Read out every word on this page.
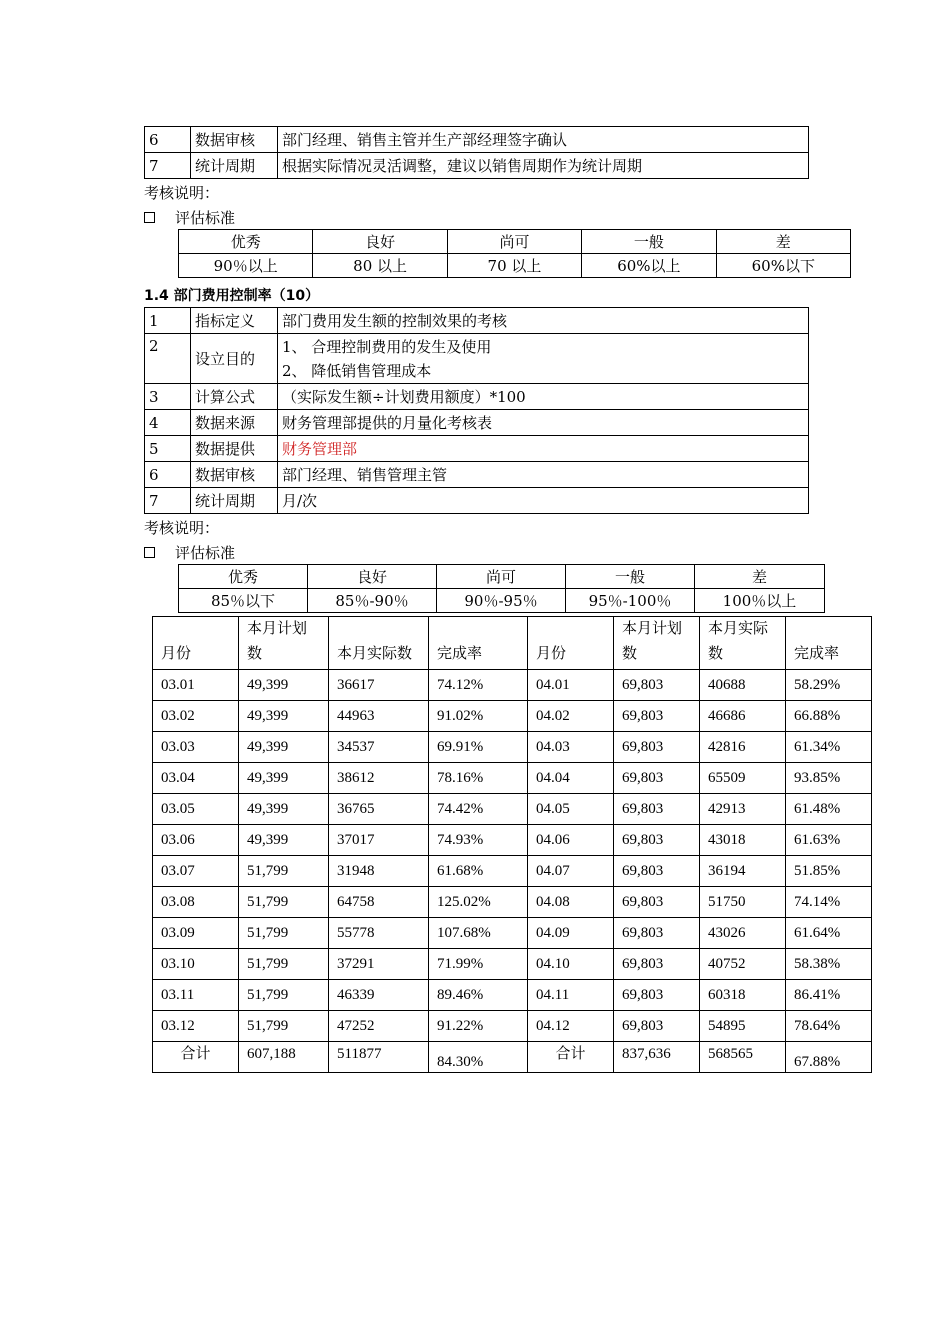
6	数据审核	部门经理、销售主管并生产部经理签字确认
7	统计周期	根据实际情况灵活调整，建议以销售周期作为统计周期
考核说明：
评估标准
优秀	良好	尚可	一般	差
90％以上	80 以上	70 以上	60%以上	60%以下
1.4 部门费用控制率（10）
1	指标定义	部门费用发生额的控制效果的考核
2	设立目的	1、 合理控制费用的发生及使用
2、 降低销售管理成本

3	计算公式	（实际发生额÷计划费用额度）*100
4	数据来源	财务管理部提供的月量化考核表
5	数据提供	财务管理部
6	数据审核	部门经理、销售管理主管
7	统计周期	月/次
考核说明：
评估标准
优秀	良好	尚可	一般	差
85％以下	85％-90％	90％-95％	95％-100％	100％以上
月份	本月计划数	本月实际数	完成率	月份	本月计划数	本月实际数	完成率
03.01	49,399	36617	74.12%	04.01	69,803	40688	58.29%
03.02	49,399	44963	91.02%	04.02	69,803	46686	66.88%
03.03	49,399	34537	69.91%	04.03	69,803	42816	61.34%
03.04	49,399	38612	78.16%	04.04	69,803	65509	93.85%
03.05	49,399	36765	74.42%	04.05	69,803	42913	61.48%
03.06	49,399	37017	74.93%	04.06	69,803	43018	61.63%
03.07	51,799	31948	61.68%	04.07	69,803	36194	51.85%
03.08	51,799	64758	125.02%	04.08	69,803	51750	74.14%
03.09	51,799	55778	107.68%	04.09	69,803	43026	61.64%
03.10	51,799	37291	71.99%	04.10	69,803	40752	58.38%
03.11	51,799	46339	89.46%	04.11	69,803	60318	86.41%
03.12	51,799	47252	91.22%	04.12	69,803	54895	78.64%
合计	607,188	511877	84.30%	合计	837,636	568565	67.88%
